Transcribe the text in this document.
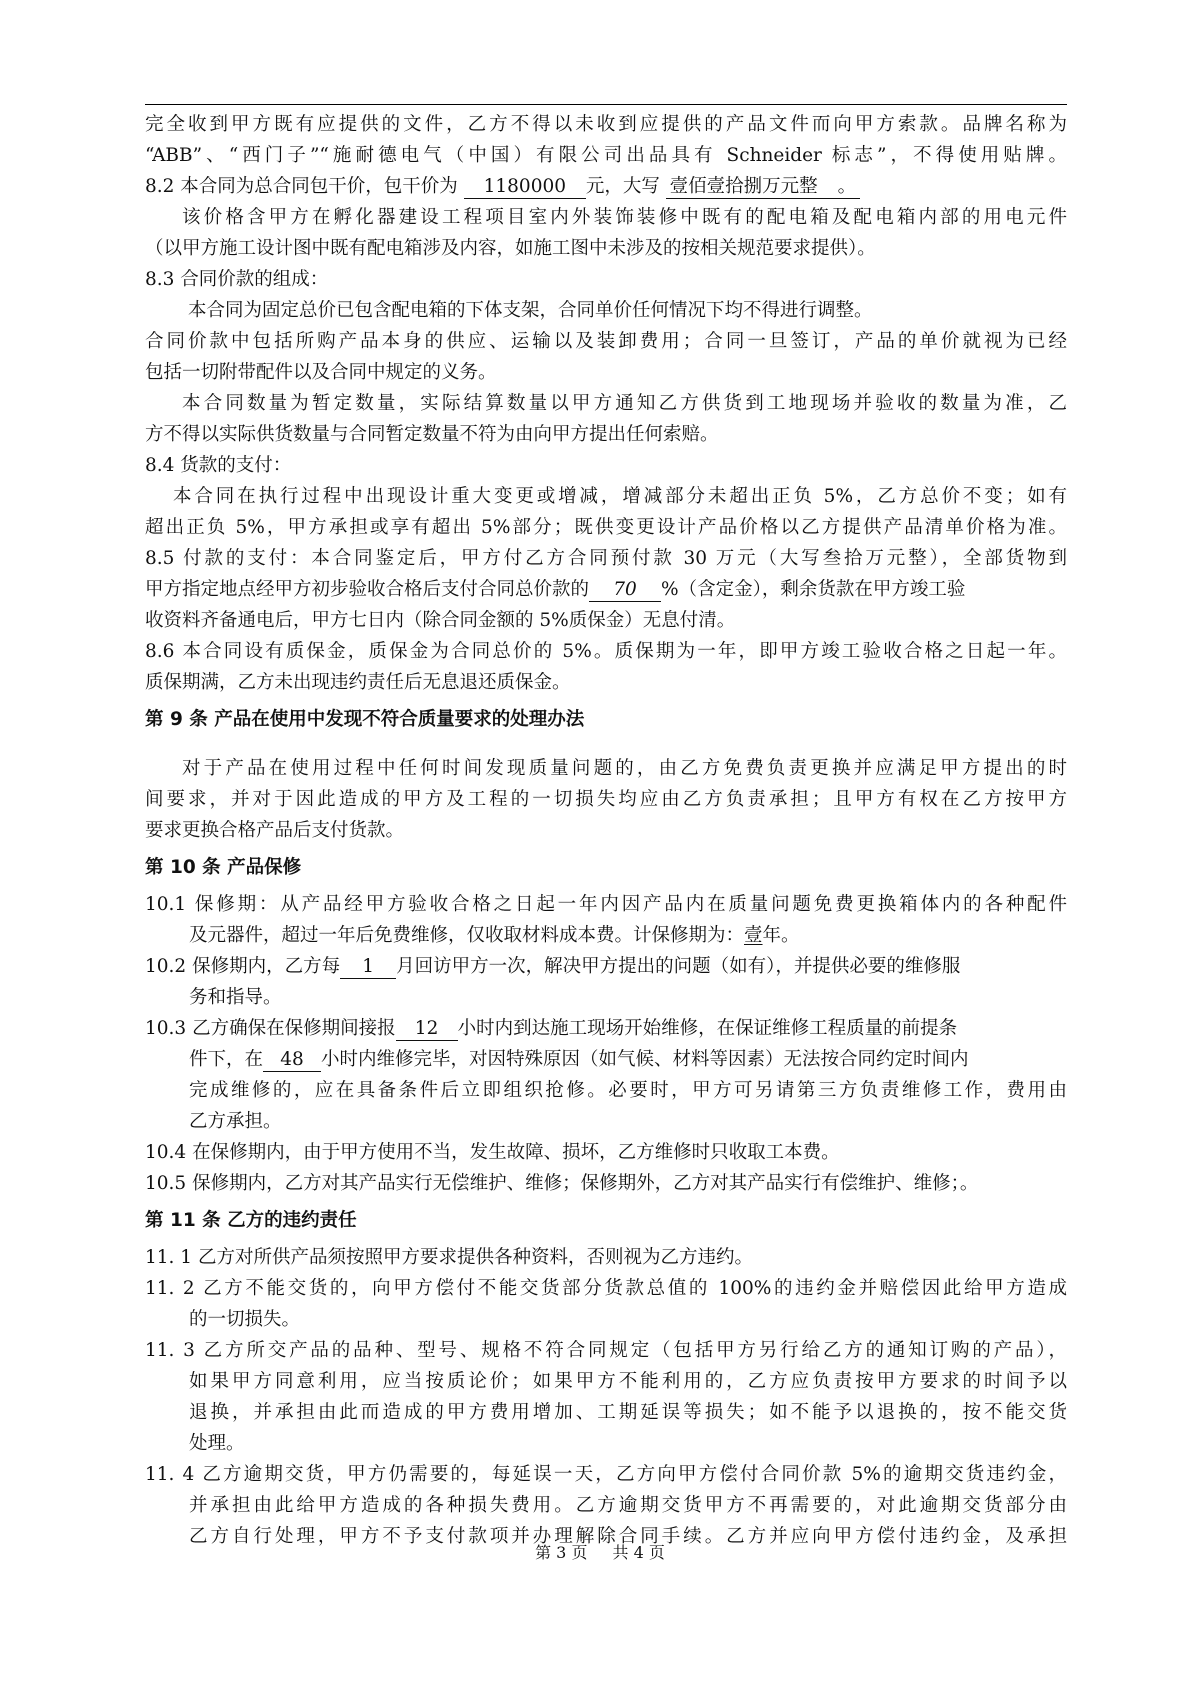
完全收到甲方既有应提供的文件，乙方不得以未收到应提供的产品文件而向甲方索款。品牌名称为
“ABB”、“西门子”“施耐德电气（中国）有限公司出品具有 Schneider 标志”，不得使用贴牌。
8.2 本合同为总合同包干价，包干价为 1180000 元，大写 壹佰壹拾捌万元整 。
该价格含甲方在孵化器建设工程项目室内外装饰装修中既有的配电箱及配电箱内部的用电元件
（以甲方施工设计图中既有配电箱涉及内容，如施工图中未涉及的按相关规范要求提供）。
8.3 合同价款的组成：
本合同为固定总价已包含配电箱的下体支架，合同单价任何情况下均不得进行调整。
合同价款中包括所购产品本身的供应、运输以及装卸费用；合同一旦签订，产品的单价就视为已经
包括一切附带配件以及合同中规定的义务。
本合同数量为暂定数量，实际结算数量以甲方通知乙方供货到工地现场并验收的数量为准，乙
方不得以实际供货数量与合同暂定数量不符为由向甲方提出任何索赔。
8.4 货款的支付：
本合同在执行过程中出现设计重大变更或增减，增减部分未超出正负 5%，乙方总价不变；如有
超出正负 5%，甲方承担或享有超出 5%部分；既供变更设计产品价格以乙方提供产品清单价格为准。
8.5 付款的支付：本合同鉴定后，甲方付乙方合同预付款 30 万元（大写叁拾万元整），全部货物到
甲方指定地点经甲方初步验收合格后支付合同总价款的 70 %（含定金），剩余货款在甲方竣工验
收资料齐备通电后，甲方七日内（除合同金额的 5%质保金）无息付清。
8.6 本合同设有质保金，质保金为合同总价的 5%。质保期为一年，即甲方竣工验收合格之日起一年。
质保期满，乙方未出现违约责任后无息退还质保金。
第 9 条 产品在使用中发现不符合质量要求的处理办法
对于产品在使用过程中任何时间发现质量问题的，由乙方免费负责更换并应满足甲方提出的时
间要求，并对于因此造成的甲方及工程的一切损失均应由乙方负责承担；且甲方有权在乙方按甲方
要求更换合格产品后支付货款。
第 10 条 产品保修
10.1 保修期：从产品经甲方验收合格之日起一年内因产品内在质量问题免费更换箱体内的各种配件
及元器件，超过一年后免费维修，仅收取材料成本费。计保修期为：壹年。
10.2 保修期内，乙方每 1 月回访甲方一次，解决甲方提出的问题（如有），并提供必要的维修服
务和指导。
10.3 乙方确保在保修期间接报 12 小时内到达施工现场开始维修，在保证维修工程质量的前提条
件下，在 48 小时内维修完毕，对因特殊原因（如气候、材料等因素）无法按合同约定时间内
完成维修的，应在具备条件后立即组织抢修。必要时，甲方可另请第三方负责维修工作，费用由
乙方承担。
10.4 在保修期内，由于甲方使用不当，发生故障、损坏，乙方维修时只收取工本费。
10.5 保修期内，乙方对其产品实行无偿维护、维修；保修期外，乙方对其产品实行有偿维护、维修；。
第 11 条 乙方的违约责任
11. 1 乙方对所供产品须按照甲方要求提供各种资料，否则视为乙方违约。
11. 2 乙方不能交货的，向甲方偿付不能交货部分货款总值的 100%的违约金并赔偿因此给甲方造成
的一切损失。
11. 3 乙方所交产品的品种、型号、规格不符合同规定（包括甲方另行给乙方的通知订购的产品），
如果甲方同意利用，应当按质论价；如果甲方不能利用的，乙方应负责按甲方要求的时间予以
退换，并承担由此而造成的甲方费用增加、工期延误等损失；如不能予以退换的，按不能交货
处理。
11. 4 乙方逾期交货，甲方仍需要的，每延误一天，乙方向甲方偿付合同价款 5%的逾期交货违约金，
并承担由此给甲方造成的各种损失费用。乙方逾期交货甲方不再需要的，对此逾期交货部分由
乙方自行处理，甲方不予支付款项并办理解除合同手续。乙方并应向甲方偿付违约金，及承担
第 3 页 共 4 页
